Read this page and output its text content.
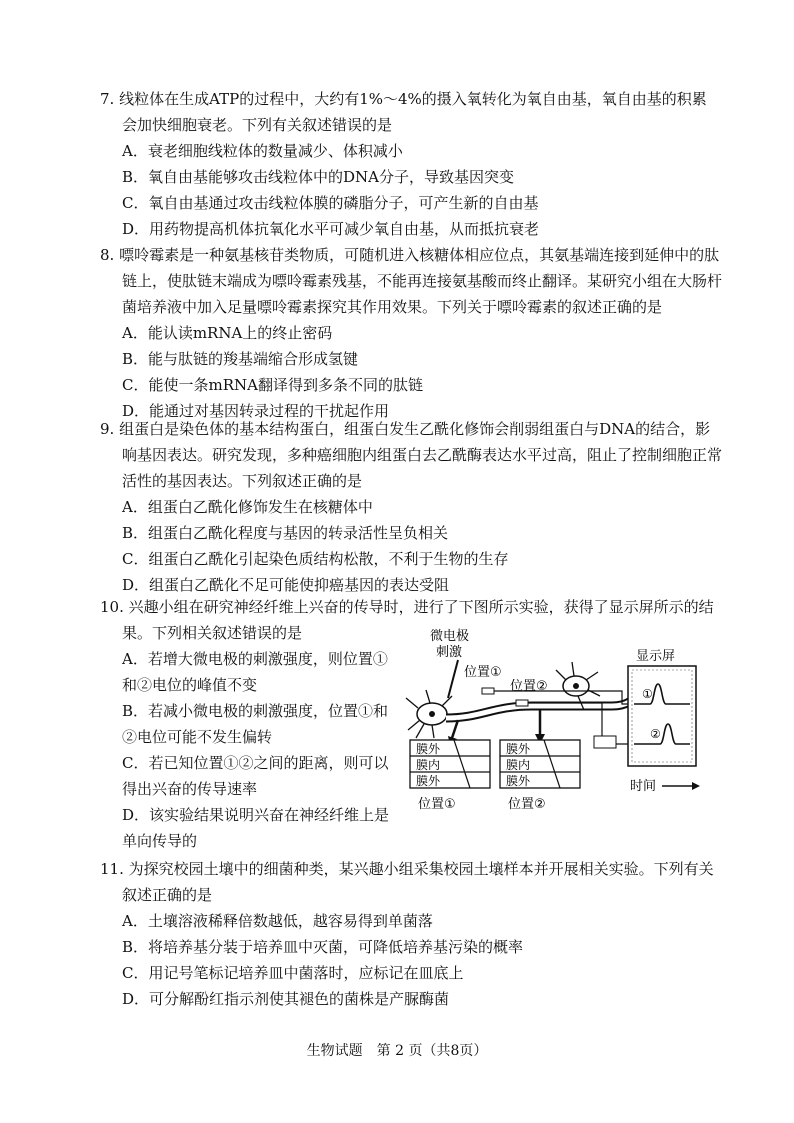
7. 线粒体在生成ATP的过程中，大约有1%～4%的摄入氧转化为氧自由基，氧自由基的积累
会加快细胞衰老。下列有关叙述错误的是
A．衰老细胞线粒体的数量减少、体积减小
B．氧自由基能够攻击线粒体中的DNA分子，导致基因突变
C．氧自由基通过攻击线粒体膜的磷脂分子，可产生新的自由基
D．用药物提高机体抗氧化水平可减少氧自由基，从而抵抗衰老
8. 嘌呤霉素是一种氨基核苷类物质，可随机进入核糖体相应位点，其氨基端连接到延伸中的肽
链上，使肽链末端成为嘌呤霉素残基，不能再连接氨基酸而终止翻译。某研究小组在大肠杆
菌培养液中加入足量嘌呤霉素探究其作用效果。下列关于嘌呤霉素的叙述正确的是
A．能认读mRNA上的终止密码
B．能与肽链的羧基端缩合形成氢键
C．能使一条mRNA翻译得到多条不同的肽链
D．能通过对基因转录过程的干扰起作用
9. 组蛋白是染色体的基本结构蛋白，组蛋白发生乙酰化修饰会削弱组蛋白与DNA的结合，影
响基因表达。研究发现，多种癌细胞内组蛋白去乙酰酶表达水平过高，阻止了控制细胞正常
活性的基因表达。下列叙述正确的是
A．组蛋白乙酰化修饰发生在核糖体中
B．组蛋白乙酰化程度与基因的转录活性呈负相关
C．组蛋白乙酰化引起染色质结构松散，不利于生物的生存
D．组蛋白乙酰化不足可能使抑癌基因的表达受阻
10. 兴趣小组在研究神经纤维上兴奋的传导时，进行了下图所示实验，获得了显示屏所示的结
果。下列相关叙述错误的是
A．若增大微电极的刺激强度，则位置①和②电位的峰值不变
B．若减小微电极的刺激强度，位置①和②电位可能不发生偏转
C．若已知位置①②之间的距离，则可以得出兴奋的传导速率
D．该实验结果说明兴奋在神经纤维上是单向传导的
微电极
刺激
位置①
位置②
膜外
膜内
膜外
位置①
膜外
膜内
膜外
位置②
显示屏
①
②
时间
11. 为探究校园土壤中的细菌种类，某兴趣小组采集校园土壤样本并开展相关实验。下列有关
叙述正确的是
A．土壤溶液稀释倍数越低，越容易得到单菌落
B．将培养基分装于培养皿中灭菌，可降低培养基污染的概率
C．用记号笔标记培养皿中菌落时，应标记在皿底上
D．可分解酚红指示剂使其褪色的菌株是产脲酶菌
生物试题　第 2 页（共8页）
